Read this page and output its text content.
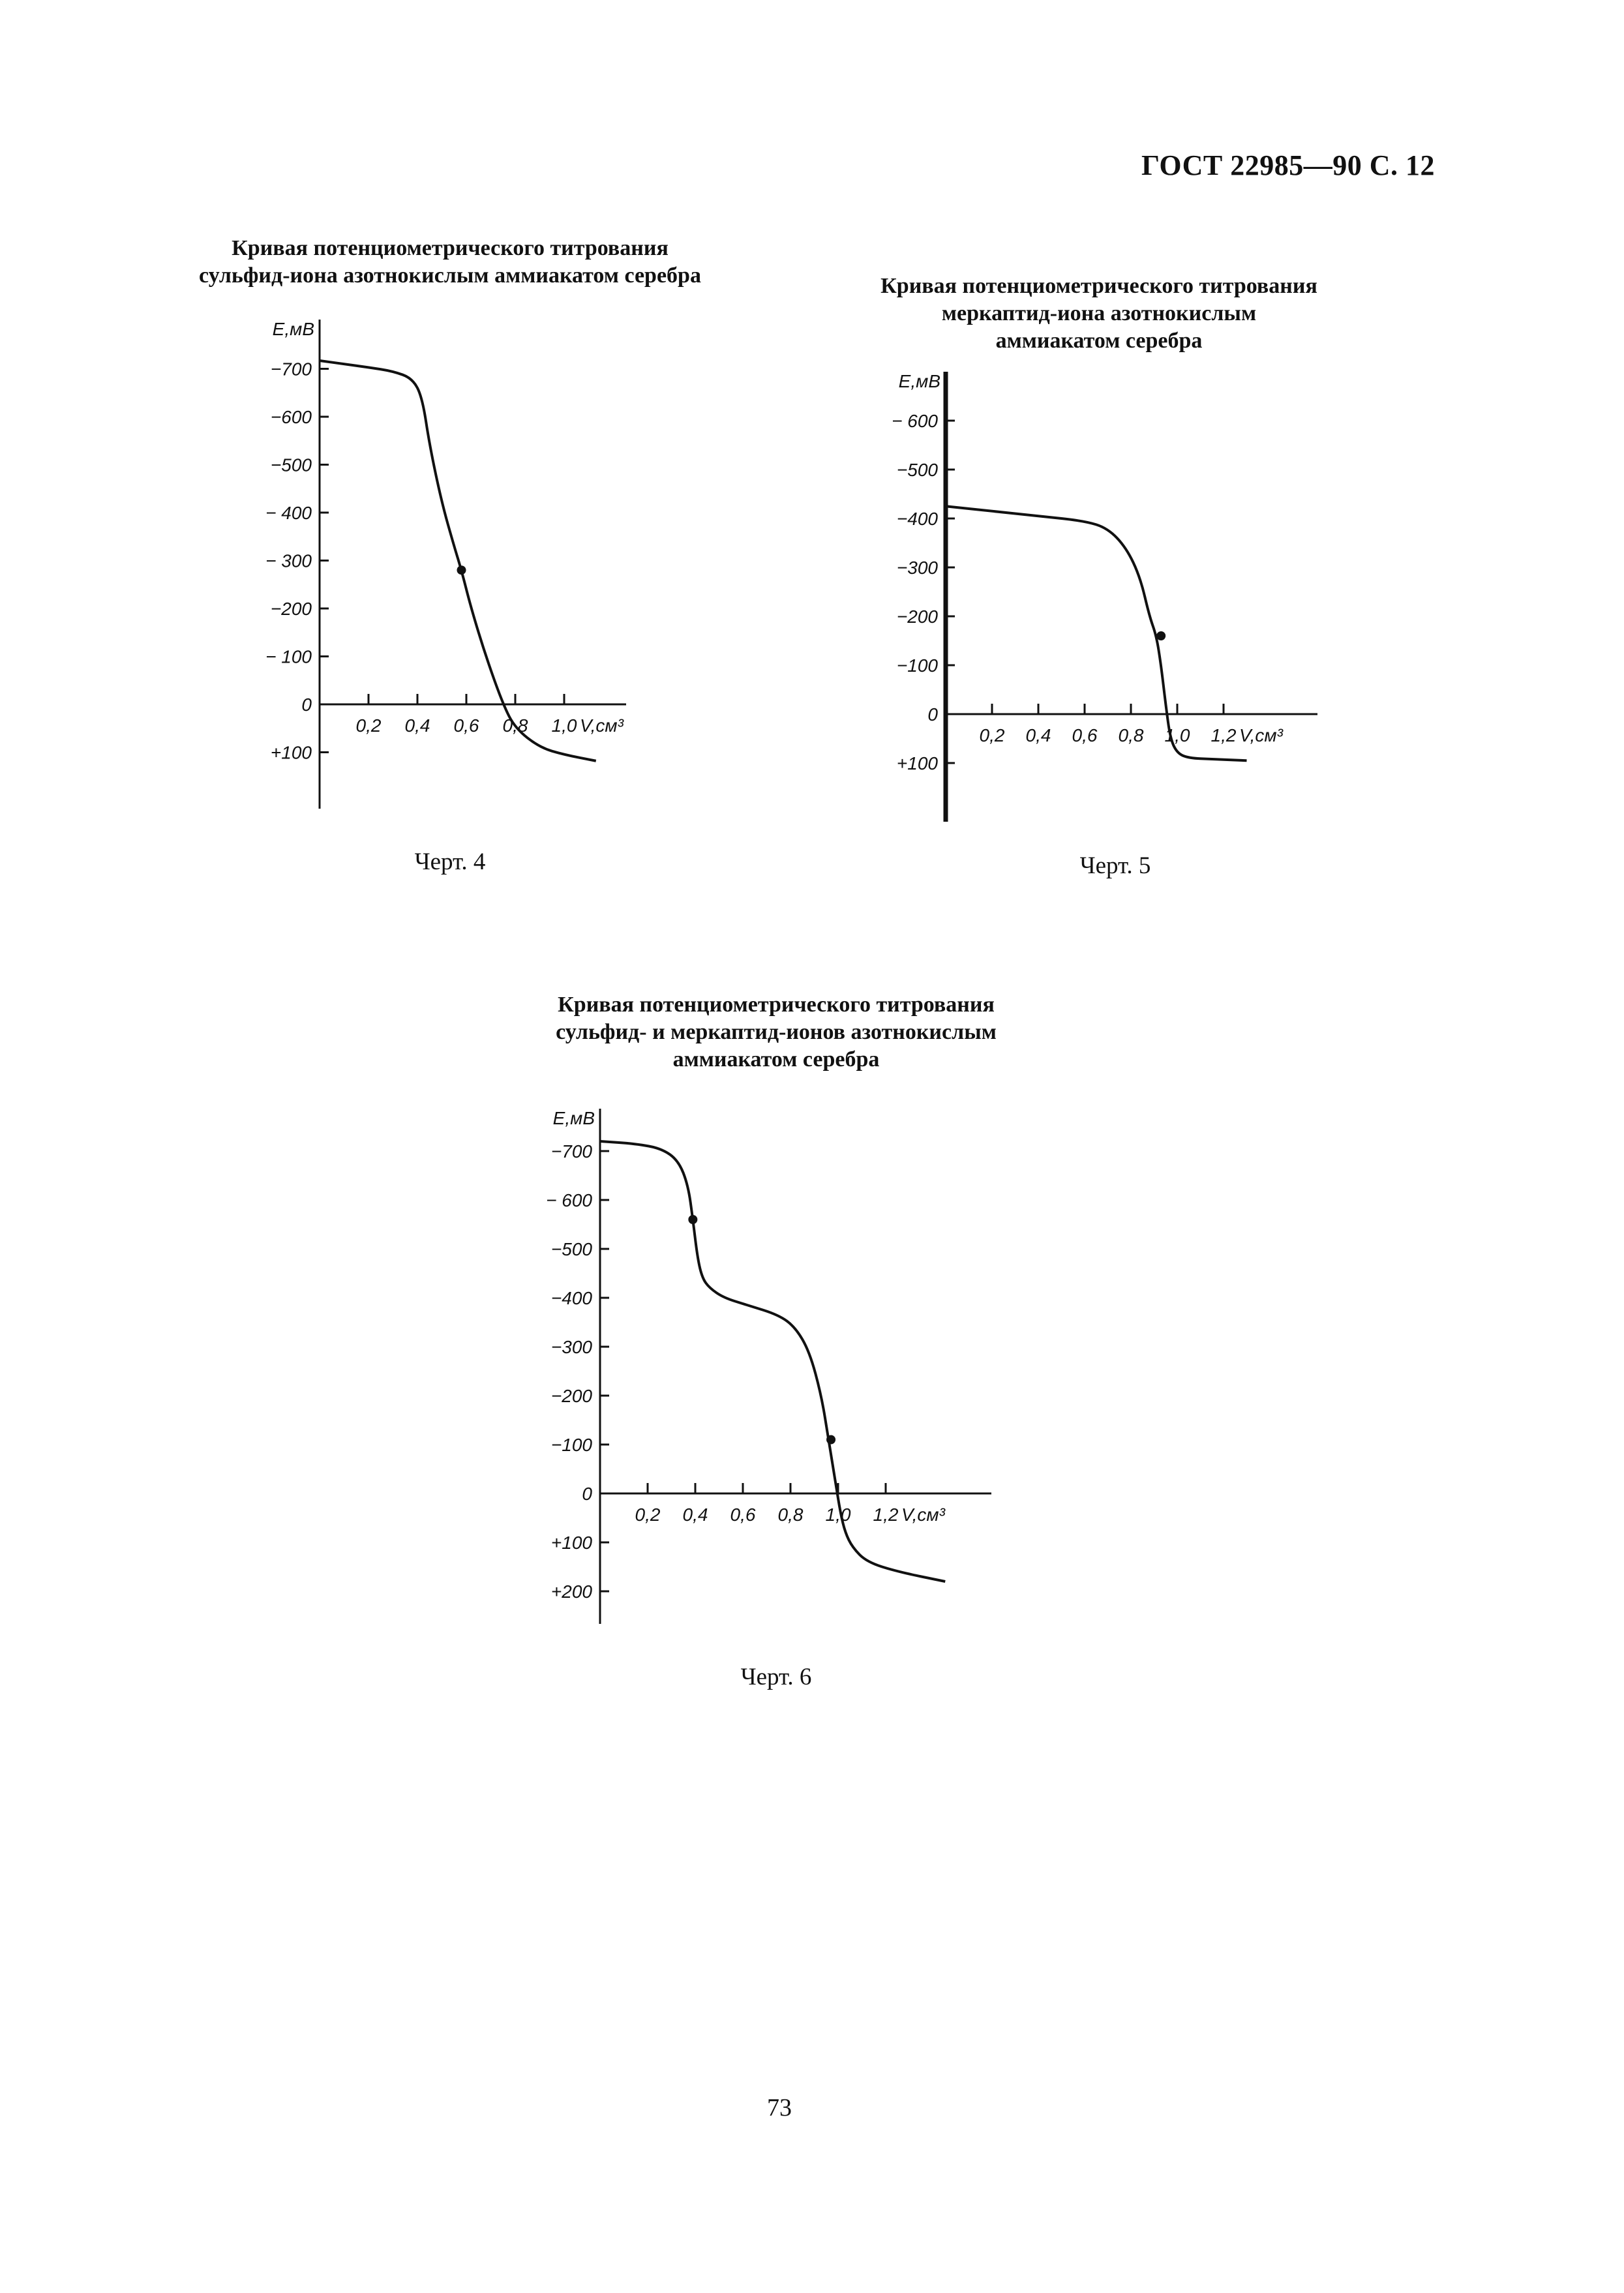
ГОСТ 22985—90 С. 12
Кривая потенциометрического титрования
сульфид-иона азотнокислым аммиакатом серебра
−700
−600
−500
− 400
− 300
−200
− 100
0
+100
0,2 0,4 0,6 0,8 1,0
E,мВ
V,см³
Черт. 4
Кривая потенциометрического титрования
меркаптид-иона азотнокислым
аммиакатом серебра
− 600
−500
−400
−300
−200
−100
0
+100
0,2 0,4 0,6 0,8 1,0 1,2
E,мВ
V,см³
Черт. 5
Кривая потенциометрического титрования
сульфид- и меркаптид-ионов азотнокислым
аммиакатом серебра
−700
− 600
−500
−400
−300
−200
−100
0
+100
+200
0,2 0,4 0,6 0,8 1,0 1,2
E,мВ
V,см³
Черт. 6
73
